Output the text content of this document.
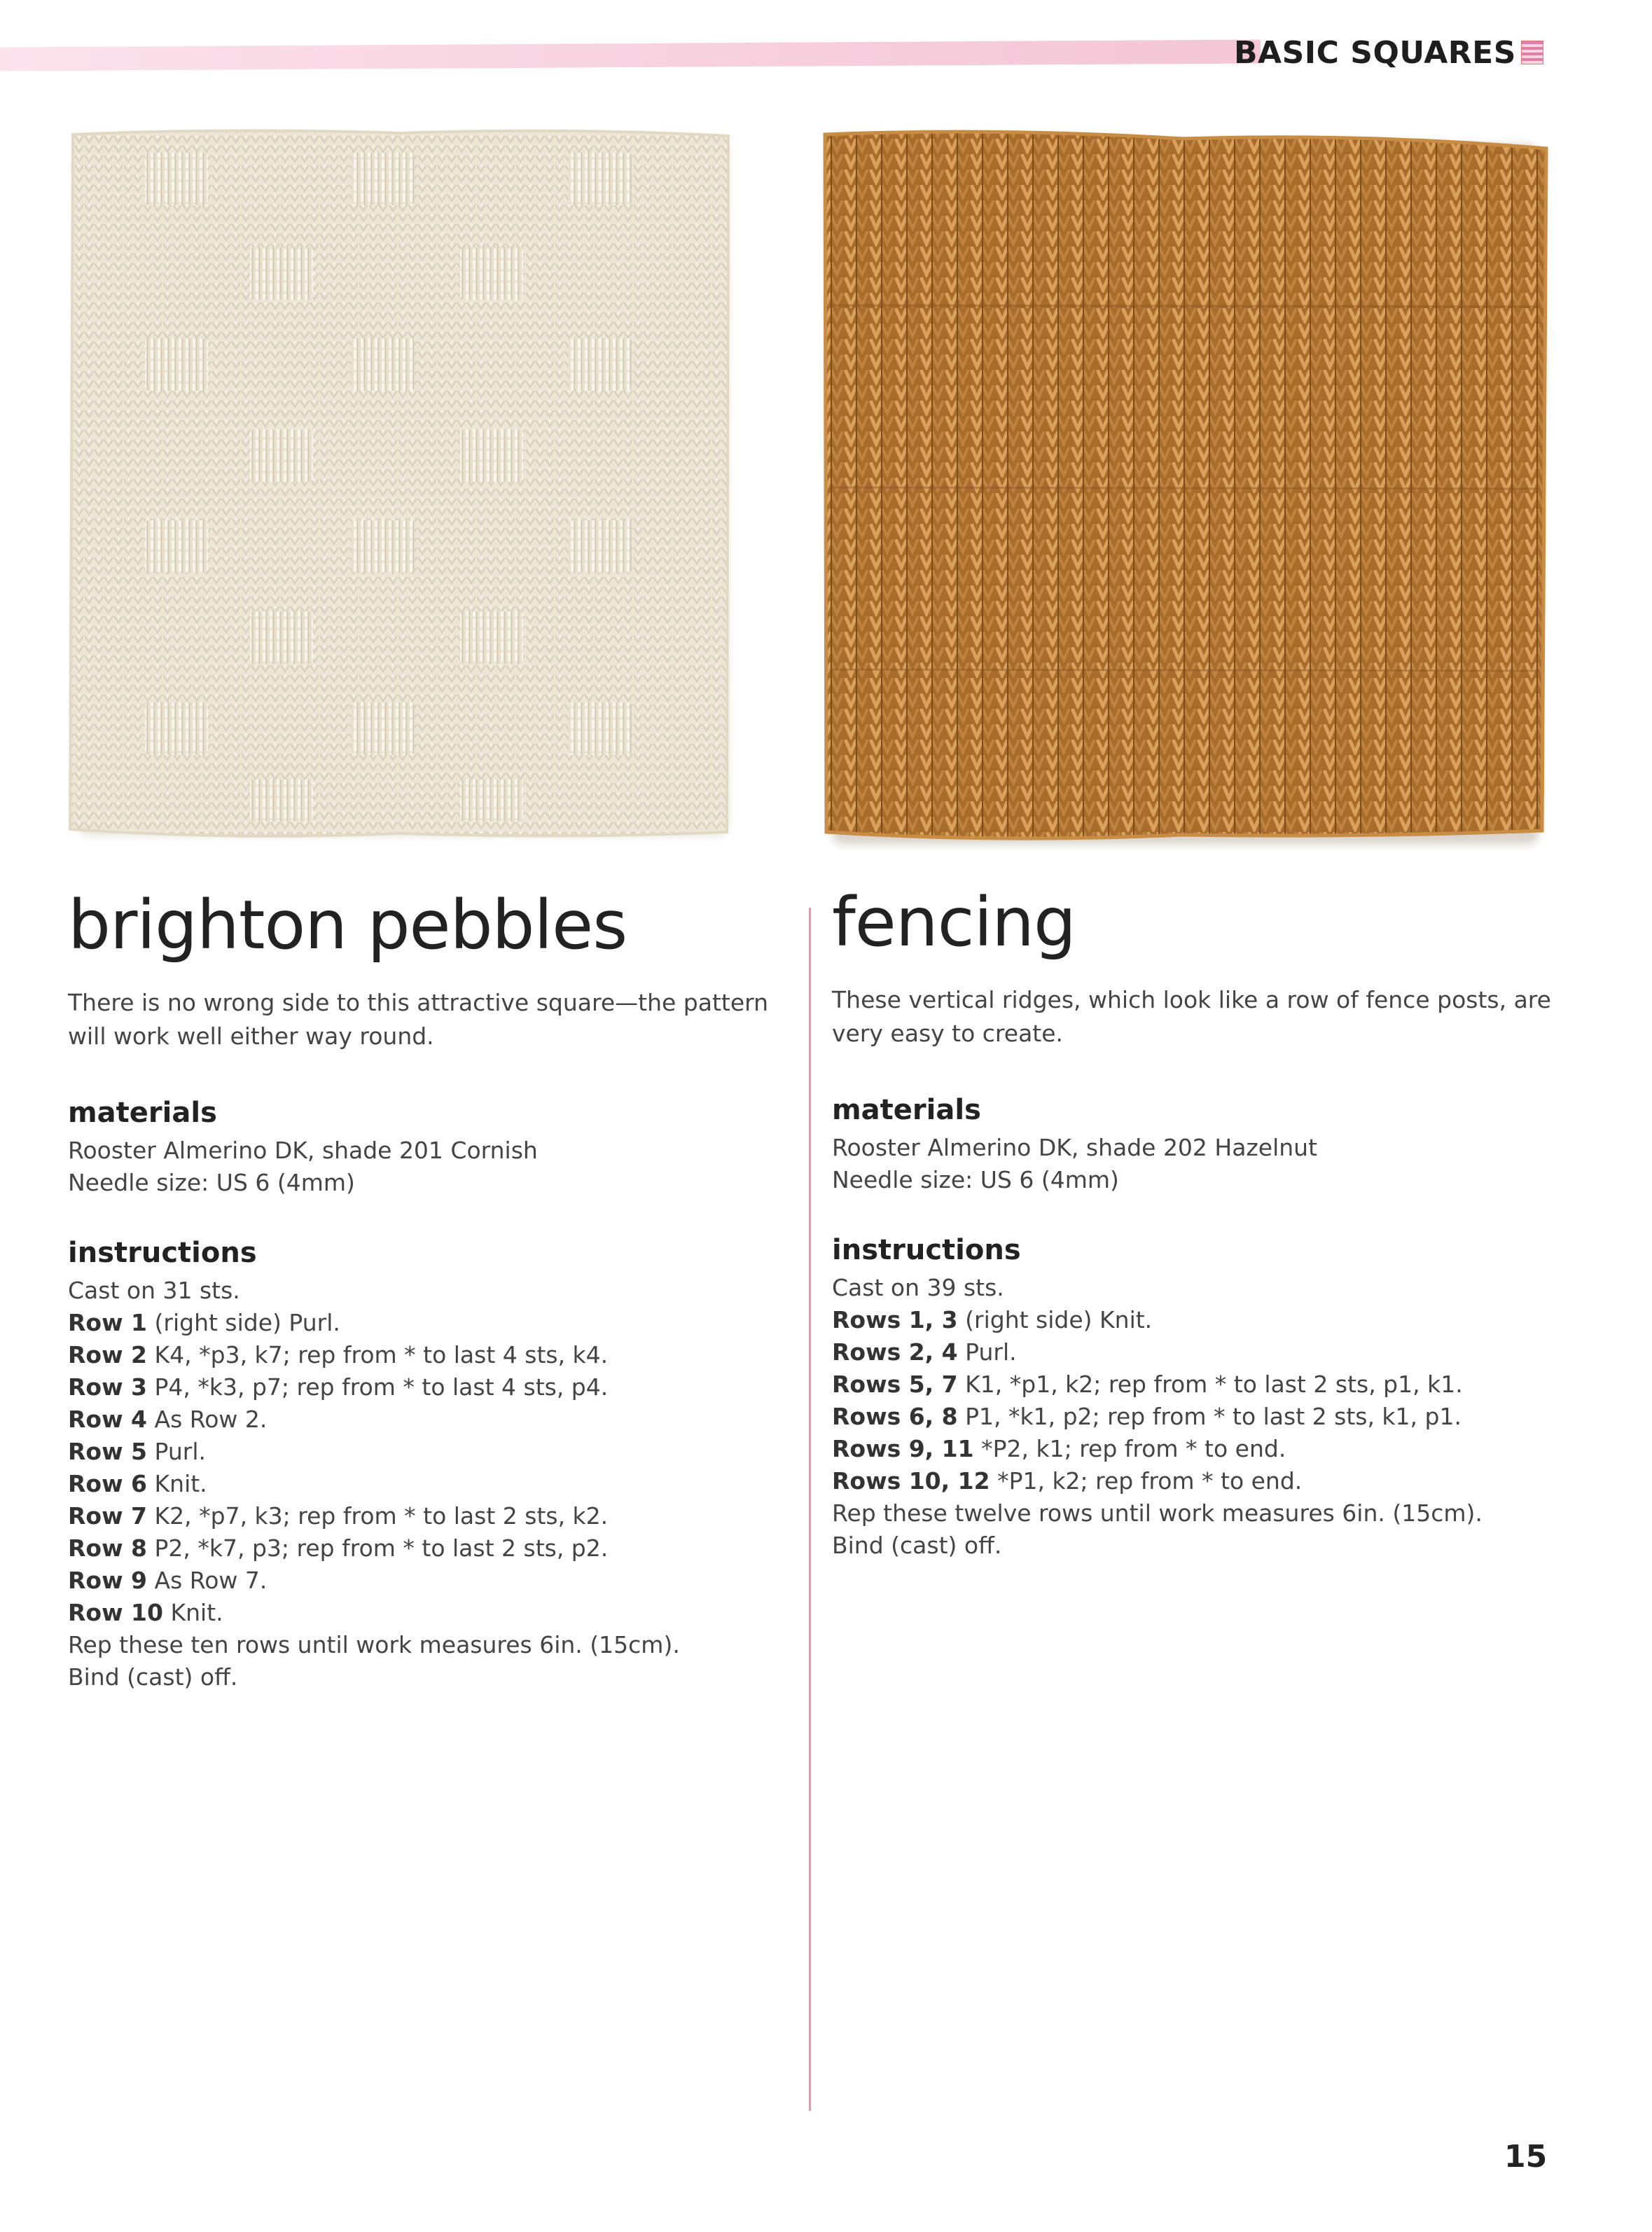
BASIC SQUARES
brighton pebbles

There is no wrong side to this attractive square—the pattern will work well either way round.

materials

Rooster Almerino DK, shade 201 Cornish

Needle size: US 6 (4mm)

instructions
Cast on 31 sts.
Row 1 (right side) Purl.
Row 2 K4, *p3, k7; rep from * to last 4 sts, k4.
Row 3 P4, *k3, p7; rep from * to last 4 sts, p4.
Row 4 As Row 2.
Row 5 Purl.
Row 6 Knit.
Row 7 K2, *p7, k3; rep from * to last 2 sts, k2.
Row 8 P2, *k7, p3; rep from * to last 2 sts, p2.
Row 9 As Row 7.
Row 10 Knit.
Rep these ten rows until work measures 6in. (15cm).
Bind (cast) off.
fencing

These vertical ridges, which look like a row of fence posts, are very easy to create.

materials

Rooster Almerino DK, shade 202 Hazelnut

Needle size: US 6 (4mm)

instructions
Cast on 39 sts.
Rows 1, 3 (right side) Knit.
Rows 2, 4 Purl.
Rows 5, 7 K1, *p1, k2; rep from * to last 2 sts, p1, k1.
Rows 6, 8 P1, *k1, p2; rep from * to last 2 sts, k1, p1.
Rows 9, 11 *P2, k1; rep from * to end.
Rows 10, 12 *P1, k2; rep from * to end.
Rep these twelve rows until work measures 6in. (15cm).
Bind (cast) off.
15
